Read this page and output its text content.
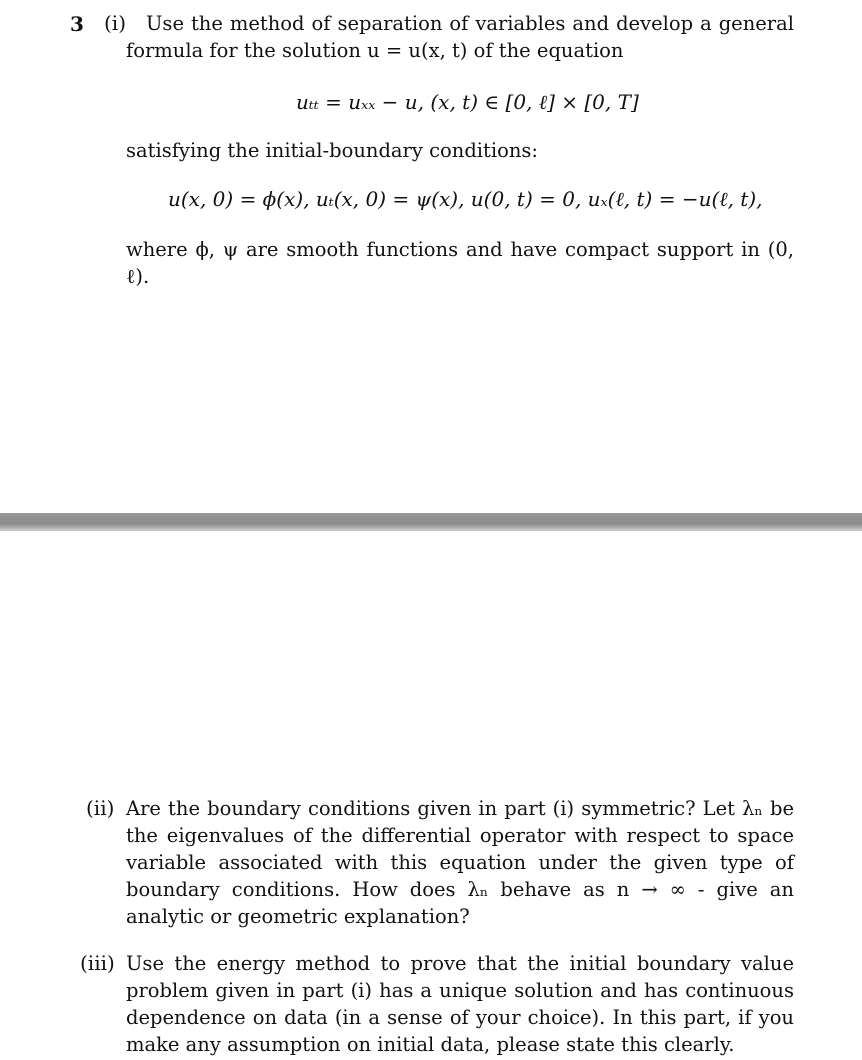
3 (i)	Use the method of separation of variables and develop a general formula for the solution u = u(x, t) of the equation
uₜₜ = uₓₓ − u, (x, t) ∈ [0, ℓ] × [0, T]
satisfying the initial-boundary conditions:
u(x, 0) = ϕ(x), uₜ(x, 0) = ψ(x), u(0, t) = 0, uₓ(ℓ, t) = −u(ℓ, t),
where ϕ, ψ are smooth functions and have compact support in (0, ℓ).
(ii) Are the boundary conditions given in part (i) symmetric? Let λₙ be the eigenvalues of the differential operator with respect to space variable associated with this equation under the given type of boundary conditions. How does λₙ behave as n → ∞ - give an analytic or geometric explanation?
(iii) Use the energy method to prove that the initial boundary value problem given in part (i) has a unique solution and has continuous dependence on data (in a sense of your choice). In this part, if you make any assumption on initial data, please state this clearly.
